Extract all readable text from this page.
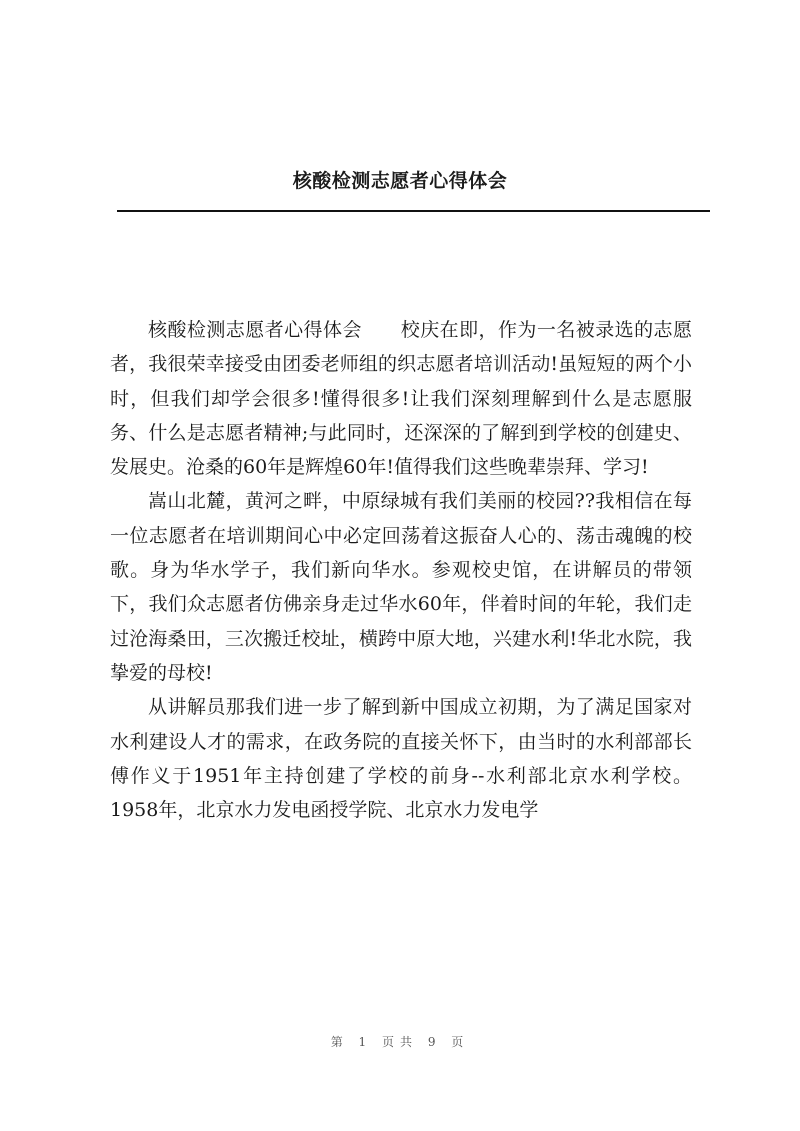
核酸检测志愿者心得体会

核酸检测志愿者心得体会　　校庆在即，作为一名被录选的志愿者，我很荣幸接受由团委老师组的织志愿者培训活动!虽短短的两个小时，但我们却学会很多!懂得很多!让我们深刻理解到什么是志愿服务、什么是志愿者精神;与此同时，还深深的了解到到学校的创建史、发展史。沧桑的60年是辉煌60年!值得我们这些晚辈崇拜、学习!

嵩山北麓，黄河之畔，中原绿城有我们美丽的校园??我相信在每一位志愿者在培训期间心中必定回荡着这振奋人心的、荡击魂魄的校歌。身为华水学子，我们新向华水。参观校史馆，在讲解员的带领下，我们众志愿者仿佛亲身走过华水60年，伴着时间的年轮，我们走过沧海桑田，三次搬迁校址，横跨中原大地，兴建水利!华北水院，我挚爱的母校!

从讲解员那我们进一步了解到新中国成立初期，为了满足国家对水利建设人才的需求，在政务院的直接关怀下，由当时的水利部部长傅作义于1951年主持创建了学校的前身--水利部北京水利学校。1958年，北京水力发电函授学院、北京水力发电学

第 1 页共 9 页
